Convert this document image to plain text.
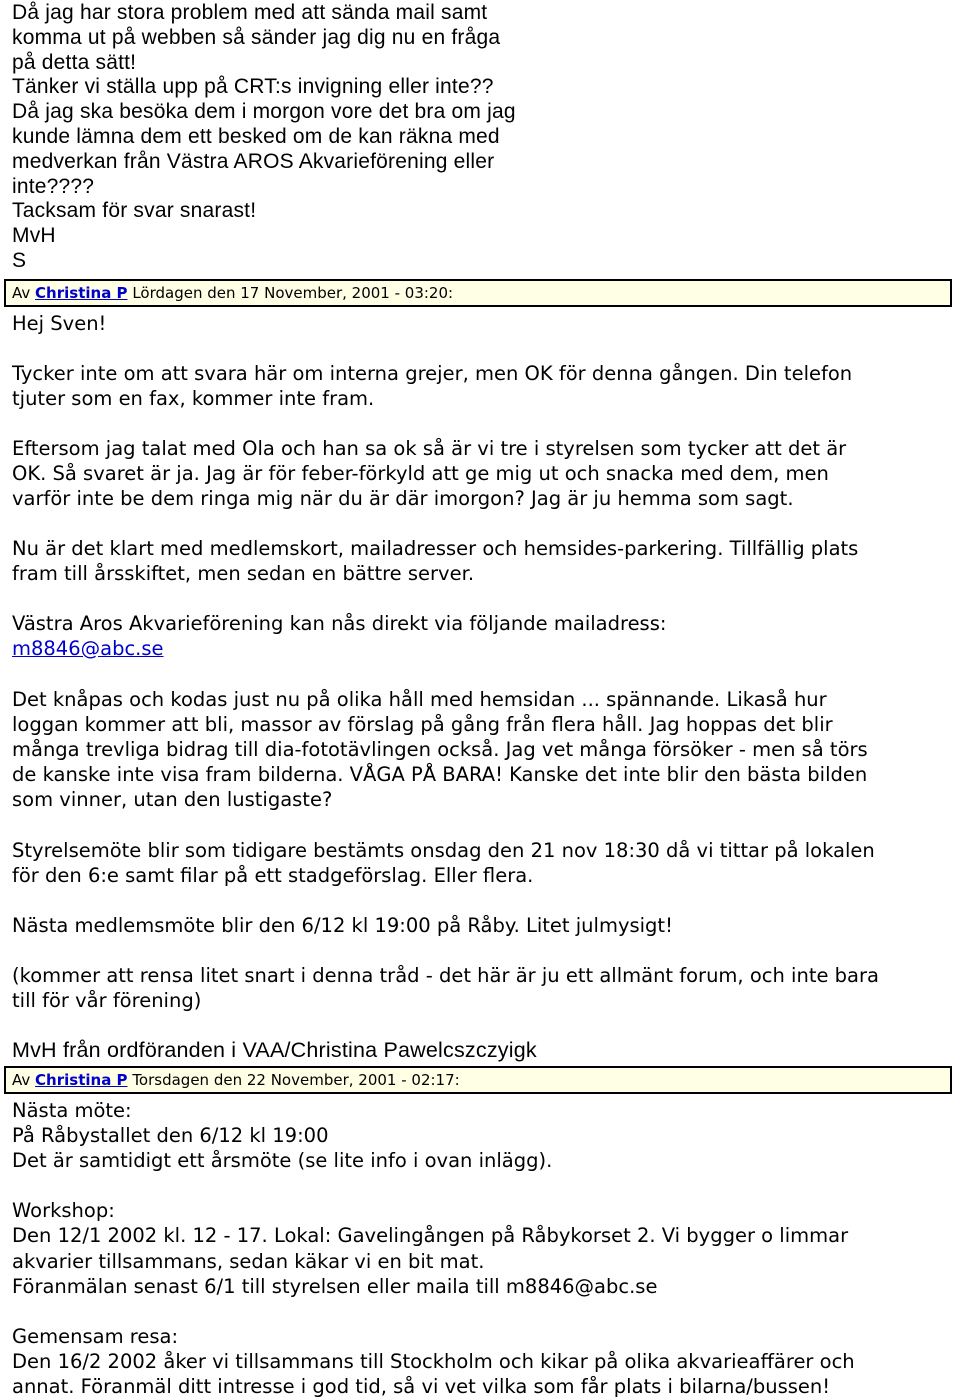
Då jag har stora problem med att sända mail samt
komma ut på webben så sänder jag dig nu en fråga
på detta sätt!
Tänker vi ställa upp på CRT:s invigning eller inte??
Då jag ska besöka dem i morgon vore det bra om jag
kunde lämna dem ett besked om de kan räkna med
medverkan från Västra AROS Akvarieförening eller
inte????
Tacksam för svar snarast!
MvH
S
Av Christina P Lördagen den 17 November, 2001 - 03:20:
Hej Sven!
Tycker inte om att svara här om interna grejer, men OK för denna gången. Din telefon
tjuter som en fax, kommer inte fram.
Eftersom jag talat med Ola och han sa ok så är vi tre i styrelsen som tycker att det är
OK. Så svaret är ja. Jag är för feber-förkyld att ge mig ut och snacka med dem, men
varför inte be dem ringa mig när du är där imorgon? Jag är ju hemma som sagt.
Nu är det klart med medlemskort, mailadresser och hemsides-parkering. Tillfällig plats
fram till årsskiftet, men sedan en bättre server.
Västra Aros Akvarieförening kan nås direkt via följande mailadress:
m8846@abc.se
Det knåpas och kodas just nu på olika håll med hemsidan ... spännande. Likaså hur
loggan kommer att bli, massor av förslag på gång från flera håll. Jag hoppas det blir
många trevliga bidrag till dia-fototävlingen också. Jag vet många försöker - men så törs
de kanske inte visa fram bilderna. VÅGA PÅ BARA! Kanske det inte blir den bästa bilden
som vinner, utan den lustigaste?
Styrelsemöte blir som tidigare bestämts onsdag den 21 nov 18:30 då vi tittar på lokalen
för den 6:e samt filar på ett stadgeförslag. Eller flera.
Nästa medlemsmöte blir den 6/12 kl 19:00 på Råby. Litet julmysigt!
(kommer att rensa litet snart i denna tråd - det här är ju ett allmänt forum, och inte bara
till för vår förening)
MvH från ordföranden i VAA/Christina Pawelcszczyigk
Av Christina P Torsdagen den 22 November, 2001 - 02:17:
Nästa möte:
På Råbystallet den 6/12 kl 19:00
Det är samtidigt ett årsmöte (se lite info i ovan inlägg).

Workshop:
Den 12/1 2002 kl. 12 - 17. Lokal: Gavelingången på Råbykorset 2. Vi bygger o limmar
akvarier tillsammans, sedan käkar vi en bit mat.
Föranmälan senast 6/1 till styrelsen eller maila till m8846@abc.se

Gemensam resa:
Den 16/2 2002 åker vi tillsammans till Stockholm och kikar på olika akvarieaffärer och
annat. Föranmäl ditt intresse i god tid, så vi vet vilka som får plats i bilarna/bussen!
